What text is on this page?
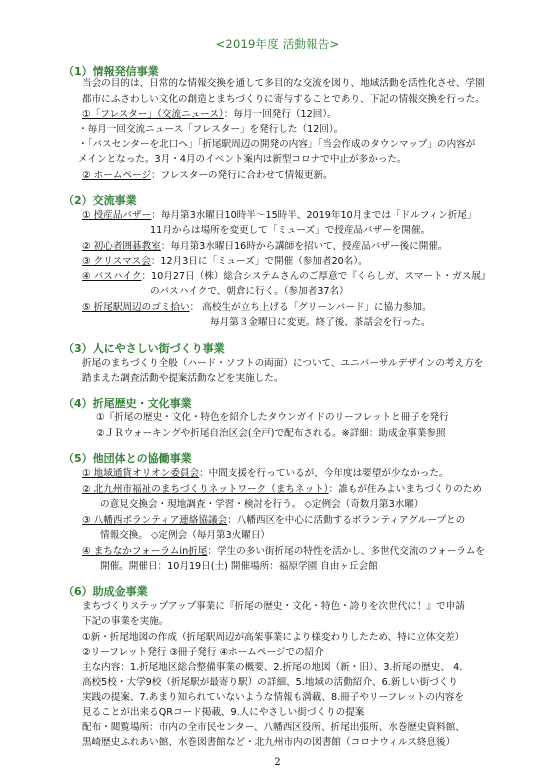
<2019年度 活動報告>
（1）情報発信事業
当会の目的は、日常的な情報交換を通して多目的な交流を図り、地域活動を活性化させ、学園
都市にふさわしい文化の創造とまちづくりに寄与することであり、下記の情報交換を行った。
①「フレスター」（交流ニュース）：毎月一回発行（12回）。
・毎月一回交流ニュース「フレスター」を発行した（12回）。
・「バスセンターを北口へ」「折尾駅周辺の開発の内容」「当会作成のタウンマップ」の内容が
メインとなった。3月・4月のイベント案内は新型コロナで中止が多かった。
② ホームページ：フレスターの発行に合わせて情報更新。
（2）交流事業
① 授産品バザー：毎月第3水曜日10時半～15時半、2019年10月までは「ドルフィン折尾」
11月からは場所を変更して「ミューズ」で授産品バザーを開催。
② 初心者囲碁教室：毎月第3水曜日16時から講師を招いて、授産品バザー後に開催。
③ クリスマス会：12月3日に「ミューズ」で開催（参加者20名）。
④ バスハイク：10月27日（株）総合システムさんのご厚意で『くらしガ、スマート・ガス展』
のバスハイクで、朝倉に行く。（参加者37名）
⑤ 折尾駅周辺のゴミ拾い： 高校生が立ち上げる「グリーンバード」に協力参加。
毎月第３金曜日に変更。終了後、茶話会を行った。
（3）人にやさしい街づくり事業
折尾のまちづくり全般（ハード・ソフトの両面）について、ユニバーサルデザインの考え方を
踏まえた調査活動や提案活動などを実施した。
（4）折尾歴史・文化事業
①『折尾の歴史・文化・特色を紹介したタウンガイドのリーフレットと冊子を発行
②ＪＲウォーキングや折尾自治区会(全戸)で配布される。※詳細：助成金事業参照
（5）他団体との協働事業
① 地域通貨オリオン委員会：中間支援を行っているが、今年度は要望が少なかった。
② 北九州市福祉のまちづくりネットワーク（まちネット）：誰もが住みよいまちづくりのため
の意見交換会・現地調査・学習・検討を行う。 ◇定例会（奇数月第3水曜）
③ 八幡西ボランティア連絡協議会：八幡西区を中心に活動するボランティアグループとの
情報交換。 ◇定例会（毎月第3火曜日）
④ まちなかフォーラムin折尾：学生の多い街折尾の特性を活かし、多世代交流のフォーラムを
開催。開催日：10月19日(土) 開催場所：福原学園 自由ヶ丘会館
（6）助成金事業
まちづくりステップアップ事業に『折尾の歴史・文化・特色・誇りを次世代に！』で申請
下記の事業を実施。
①新・折尾地図の作成（折尾駅周辺が高架事業により様変わりしたため、特に立体交差）
②リーフレット発行 ③冊子発行 ④ホームページでの紹介
主な内容：1.折尾地区総合整備事業の概要、2.折尾の地図（新・旧）、3.折尾の歴史、 4.
高校5校・大学9校（折尾駅が最寄り駅）の詳細、5.地域の活動紹介、6.新しい街づくり
実践の提案、7.あまり知られていないような情報も満載、8.冊子やリーフレットの内容を
見ることが出来るQRコード掲載、9.人にやさしい街づくりの提案
配布・閲覧場所：市内の全市民センター、八幡西区役所、折尾出張所、水巻歴史資料館、
黒崎歴史ふれあい館、水巻図書館など・北九州市内の図書館（コロナウィルス終息後）
2
